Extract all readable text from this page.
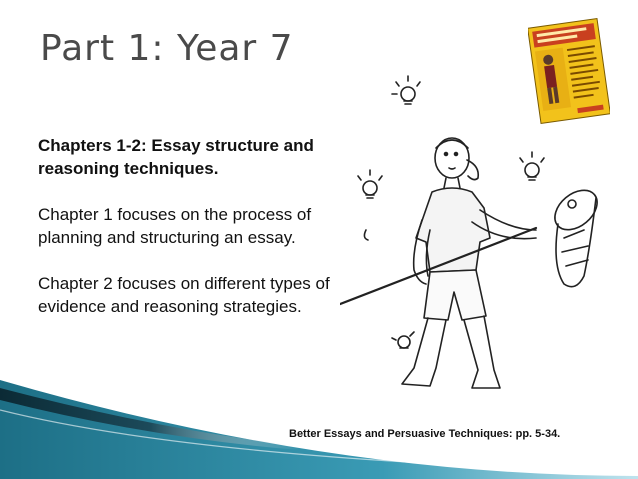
Part 1: Year 7

Chapters 1-2: Essay structure and reasoning techniques.

Chapter 1 focuses on the process of planning and structuring an essay.

Chapter 2 focuses on different types of evidence and reasoning strategies.

Better Essays and Persuasive Techniques: pp. 5-34.
